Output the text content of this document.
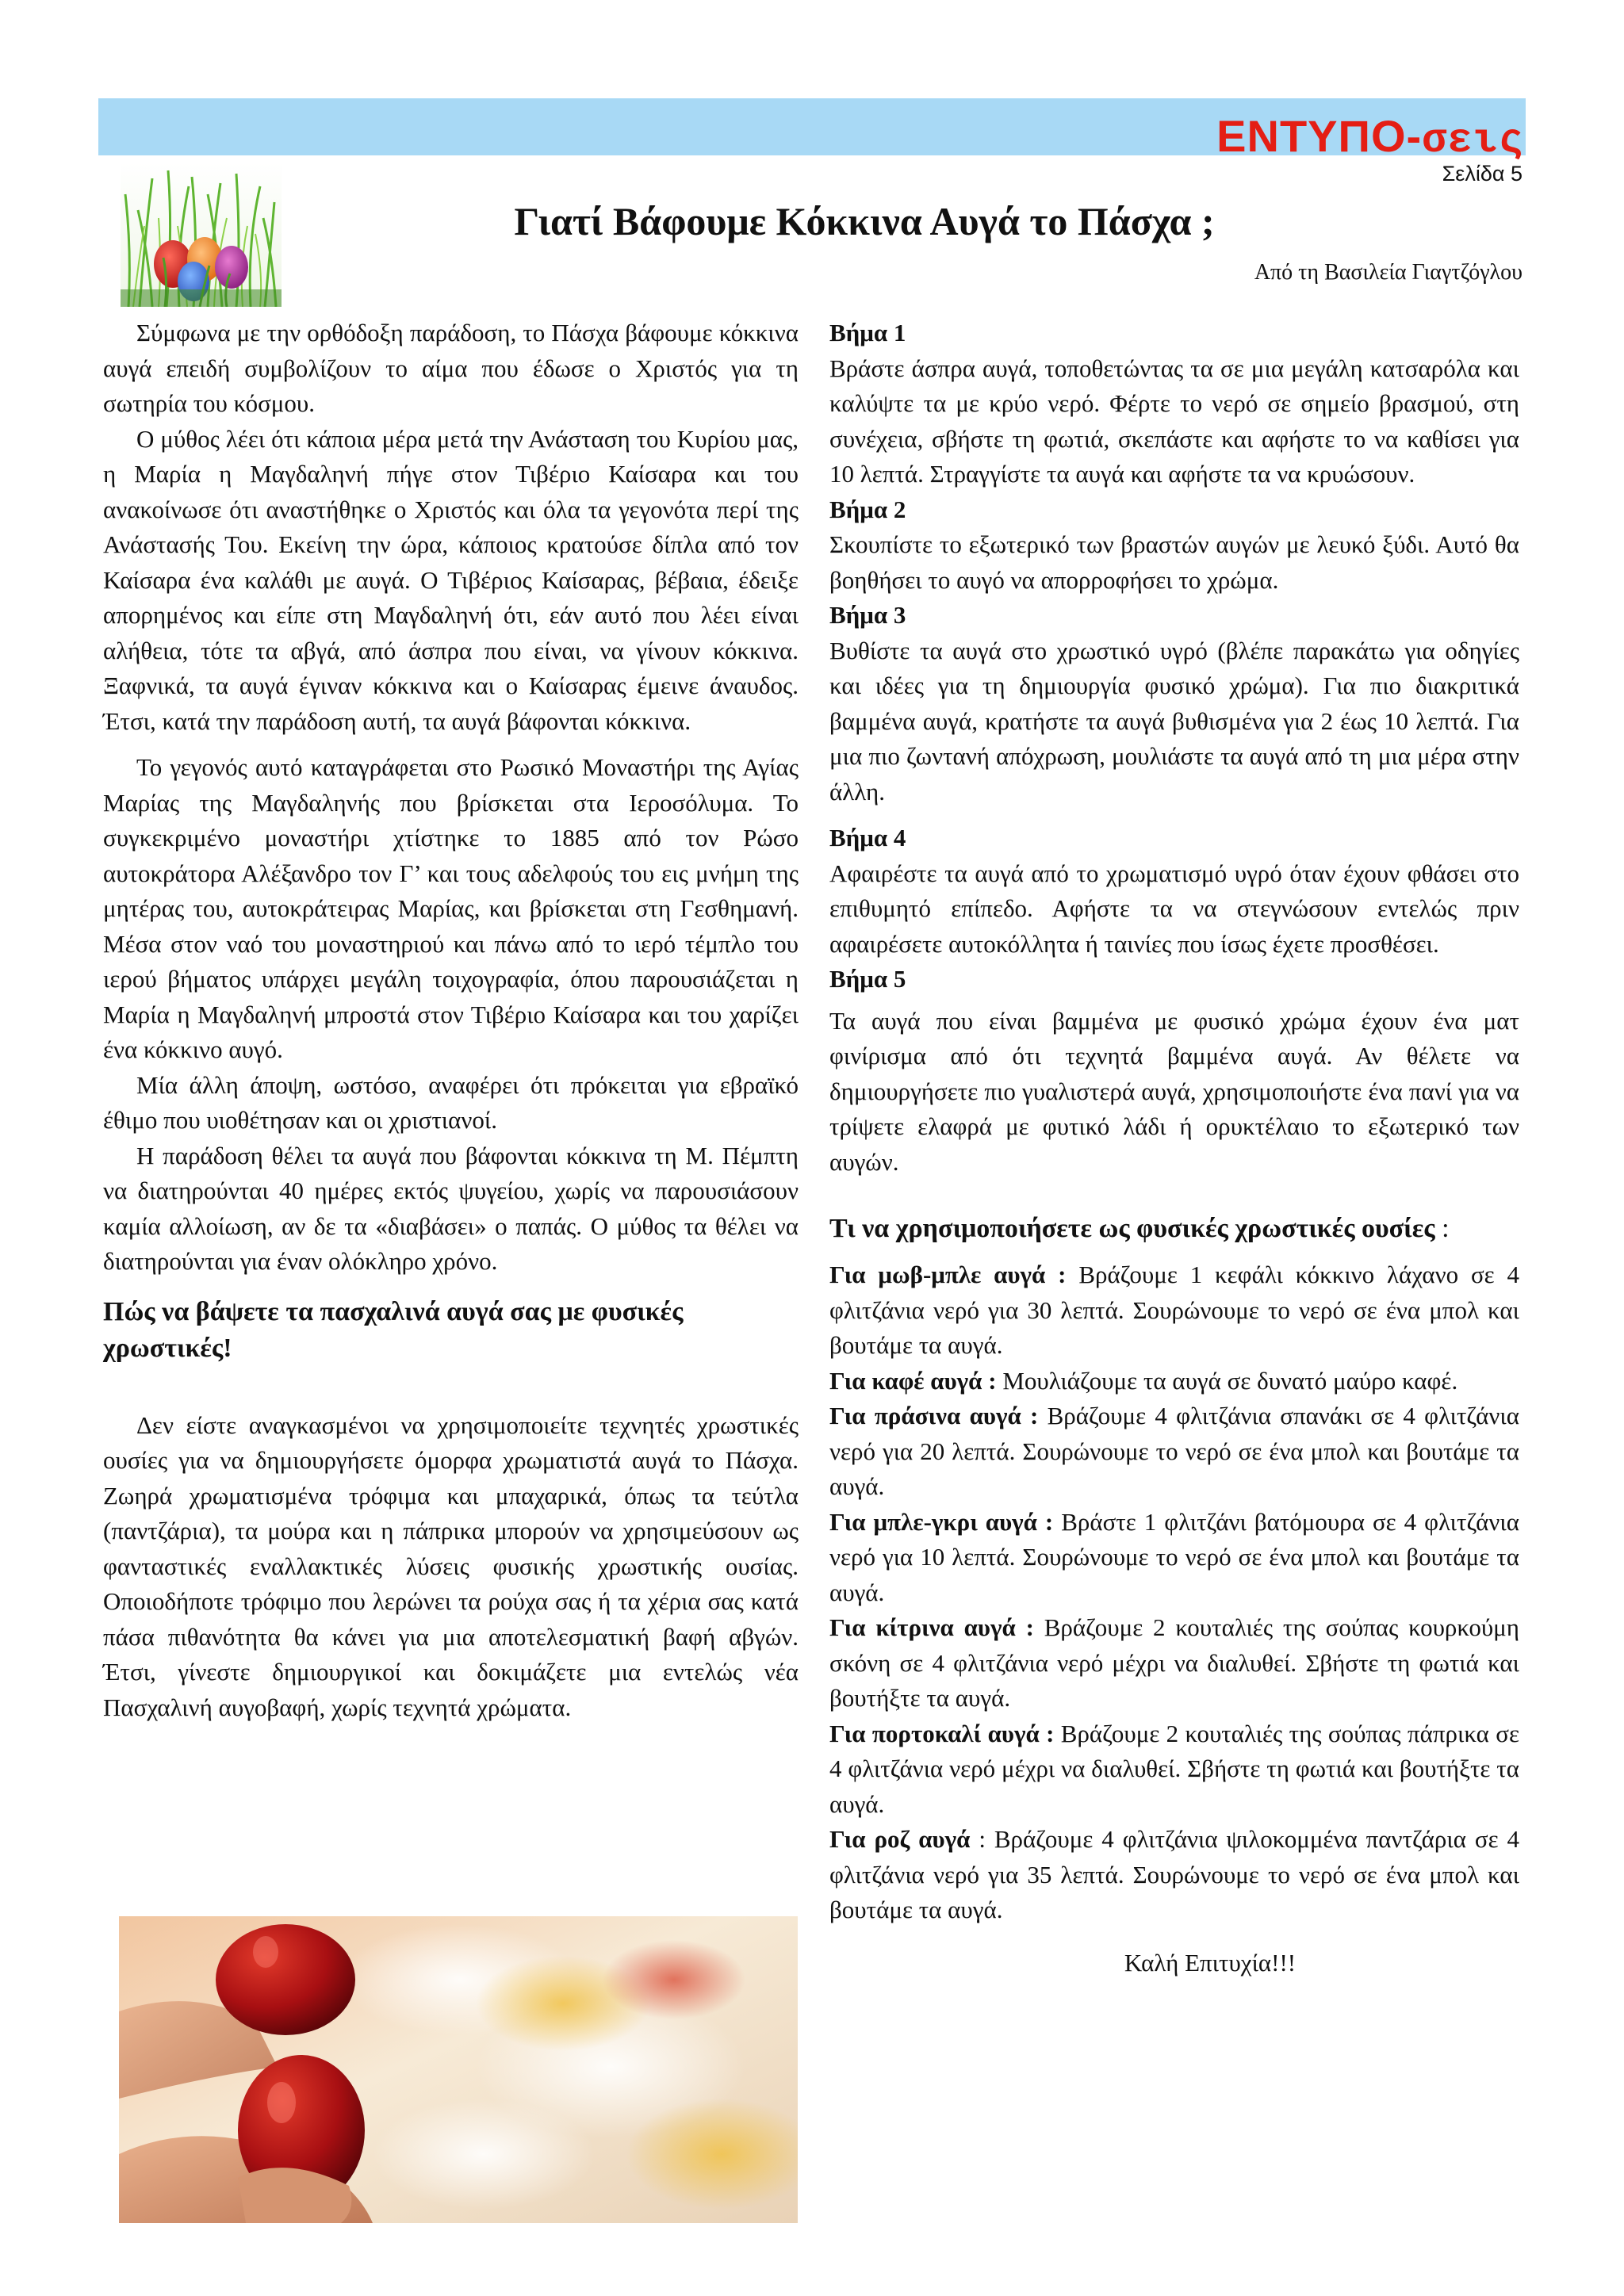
ΕΝΤΥΠΟ-σεις
Σελίδα 5
Γιατί Βάφουμε Κόκκινα Αυγά το Πάσχα ;
Από τη Βασιλεία Γιαγτζόγλου

Σύμφωνα με την ορθόδοξη παράδοση, το Πάσχα βάφουμε κόκκινα αυγά επειδή συμβολίζουν το αίμα που έδωσε ο Χριστός για τη σωτηρία του κόσμου.

Ο μύθος λέει ότι κάποια μέρα μετά την Ανάσταση του Κυρίου μας, η Μαρία η Μαγδαληνή πήγε στον Τιβέριο Καίσαρα και του ανακοίνωσε ότι αναστήθηκε ο Χριστός και όλα τα γεγονότα περί της Ανάστασής Του. Εκείνη την ώρα, κάποιος κρατούσε δίπλα από τον Καίσαρα ένα καλάθι με αυγά. Ο Τιβέριος Καίσαρας, βέβαια, έδειξε απορημένος και είπε στη Μαγδαληνή ότι, εάν αυτό που λέει είναι αλήθεια, τότε τα αβγά, από άσπρα που είναι, να γίνουν κόκκινα. Ξαφνικά, τα αυγά έγιναν κόκκινα και ο Καίσαρας έμεινε άναυδος. Έτσι, κατά την παράδοση αυτή, τα αυγά βάφονται κόκκινα.

Το γεγονός αυτό καταγράφεται στο Ρωσικό Μοναστήρι της Αγίας Μαρίας της Μαγδαληνής που βρίσκεται στα Ιεροσόλυμα. Το συγκεκριμένο μοναστήρι χτίστηκε το 1885 από τον Ρώσο αυτοκράτορα Αλέξανδρο τον Γ’ και τους αδελφούς του εις μνήμη της μητέρας του, αυτοκράτειρας Μαρίας, και βρίσκεται στη Γεσθημανή. Μέσα στον ναό του μοναστηριού και πάνω από το ιερό τέμπλο του ιερού βήματος υπάρχει μεγάλη τοιχογραφία, όπου παρουσιάζεται η Μαρία η Μαγδαληνή μπροστά στον Τιβέριο Καίσαρα και του χαρίζει ένα κόκκινο αυγό.

Μία άλλη άποψη, ωστόσο, αναφέρει ότι πρόκειται για εβραϊκό έθιμο που υιοθέτησαν και οι χριστιανοί.

Η παράδοση θέλει τα αυγά που βάφονται κόκκινα τη Μ. Πέμπτη να διατηρούνται 40 ημέρες εκτός ψυγείου, χωρίς να παρουσιάσουν καμία αλλοίωση, αν δε τα «διαβάσει» ο παπάς. Ο μύθος τα θέλει να διατηρούνται για έναν ολόκληρο χρόνο.

Πώς να βάψετε τα πασχαλινά αυγά σας με φυσικές χρωστικές!

Δεν είστε αναγκασμένοι να χρησιμοποιείτε τεχνητές χρωστικές ουσίες για να δημιουργήσετε όμορφα χρωματιστά αυγά το Πάσχα. Ζωηρά χρωματισμένα τρόφιμα και μπαχαρικά, όπως τα τεύτλα (παντζάρια), τα μούρα και η πάπρικα μπορούν να χρησιμεύσουν ως φανταστικές εναλλακτικές λύσεις φυσικής χρωστικής ουσίας. Οποιοδήποτε τρόφιμο που λερώνει τα ρούχα σας ή τα χέρια σας κατά πάσα πιθανότητα θα κάνει για μια αποτελεσματική βαφή αβγών. Έτσι, γίνεστε δημιουργικοί και δοκιμάζετε μια εντελώς νέα Πασχαλινή αυγοβαφή, χωρίς τεχνητά χρώματα.

Βήμα 1

Βράστε άσπρα αυγά, τοποθετώντας τα σε μια μεγάλη κατσαρόλα και καλύψτε τα με κρύο νερό. Φέρτε το νερό σε σημείο βρασμού, στη συνέχεια, σβήστε τη φωτιά, σκεπάστε και αφήστε το να καθίσει για 10 λεπτά. Στραγγίστε τα αυγά και αφήστε τα να κρυώσουν.

Βήμα 2

Σκουπίστε το εξωτερικό των βραστών αυγών με λευκό ξύδι. Αυτό θα βοηθήσει το αυγό να απορροφήσει το χρώμα.

Βήμα 3

Βυθίστε τα αυγά στο χρωστικό υγρό (βλέπε παρακάτω για οδηγίες και ιδέες για τη δημιουργία φυσικό χρώμα). Για πιο διακριτικά βαμμένα αυγά, κρατήστε τα αυγά βυθισμένα για 2 έως 10 λεπτά. Για μια πιο ζωντανή απόχρωση, μουλιάστε τα αυγά από τη μια μέρα στην άλλη.

Βήμα 4

Αφαιρέστε τα αυγά από το χρωματισμό υγρό όταν έχουν φθάσει στο επιθυμητό επίπεδο. Αφήστε τα να στεγνώσουν εντελώς πριν αφαιρέσετε αυτοκόλλητα ή ταινίες που ίσως έχετε προσθέσει.

Βήμα 5

Τα αυγά που είναι βαμμένα με φυσικό χρώμα έχουν ένα ματ φινίρισμα από ότι τεχνητά βαμμένα αυγά. Αν θέλετε να δημιουργήσετε πιο γυαλιστερά αυγά, χρησιμοποιήστε ένα πανί για να τρίψετε ελαφρά με φυτικό λάδι ή ορυκτέλαιο το εξωτερικό των αυγών.

Τι να χρησιμοποιήσετε ως φυσικές χρωστικές ουσίες :

Για μωβ-μπλε αυγά : Βράζουμε 1 κεφάλι κόκκινο λάχανο σε 4 φλιτζάνια νερό για 30 λεπτά. Σουρώνουμε το νερό σε ένα μπολ και βουτάμε τα αυγά.

Για καφέ αυγά : Μουλιάζουμε τα αυγά σε δυνατό μαύρο καφέ.

Για πράσινα αυγά : Βράζουμε 4 φλιτζάνια σπανάκι σε 4 φλιτζάνια νερό για 20 λεπτά. Σουρώνουμε το νερό σε ένα μπολ και βουτάμε τα αυγά.

Για μπλε-γκρι αυγά : Βράστε 1 φλιτζάνι βατόμουρα σε 4 φλιτζάνια νερό για 10 λεπτά. Σουρώνουμε το νερό σε ένα μπολ και βουτάμε τα αυγά.

Για κίτρινα αυγά : Βράζουμε 2 κουταλιές της σούπας κουρκούμη σκόνη σε 4 φλιτζάνια νερό μέχρι να διαλυθεί. Σβήστε τη φωτιά και βουτήξτε τα αυγά.

Για πορτοκαλί αυγά : Βράζουμε 2 κουταλιές της σούπας πάπρικα σε 4 φλιτζάνια νερό μέχρι να διαλυθεί. Σβήστε τη φωτιά και βουτήξτε τα αυγά.

Για ροζ αυγά : Βράζουμε 4 φλιτζάνια ψιλοκομμένα παντζάρια σε 4 φλιτζάνια νερό για 35 λεπτά. Σουρώνουμε το νερό σε ένα μπολ και βουτάμε τα αυγά.

Καλή Επιτυχία!!!
